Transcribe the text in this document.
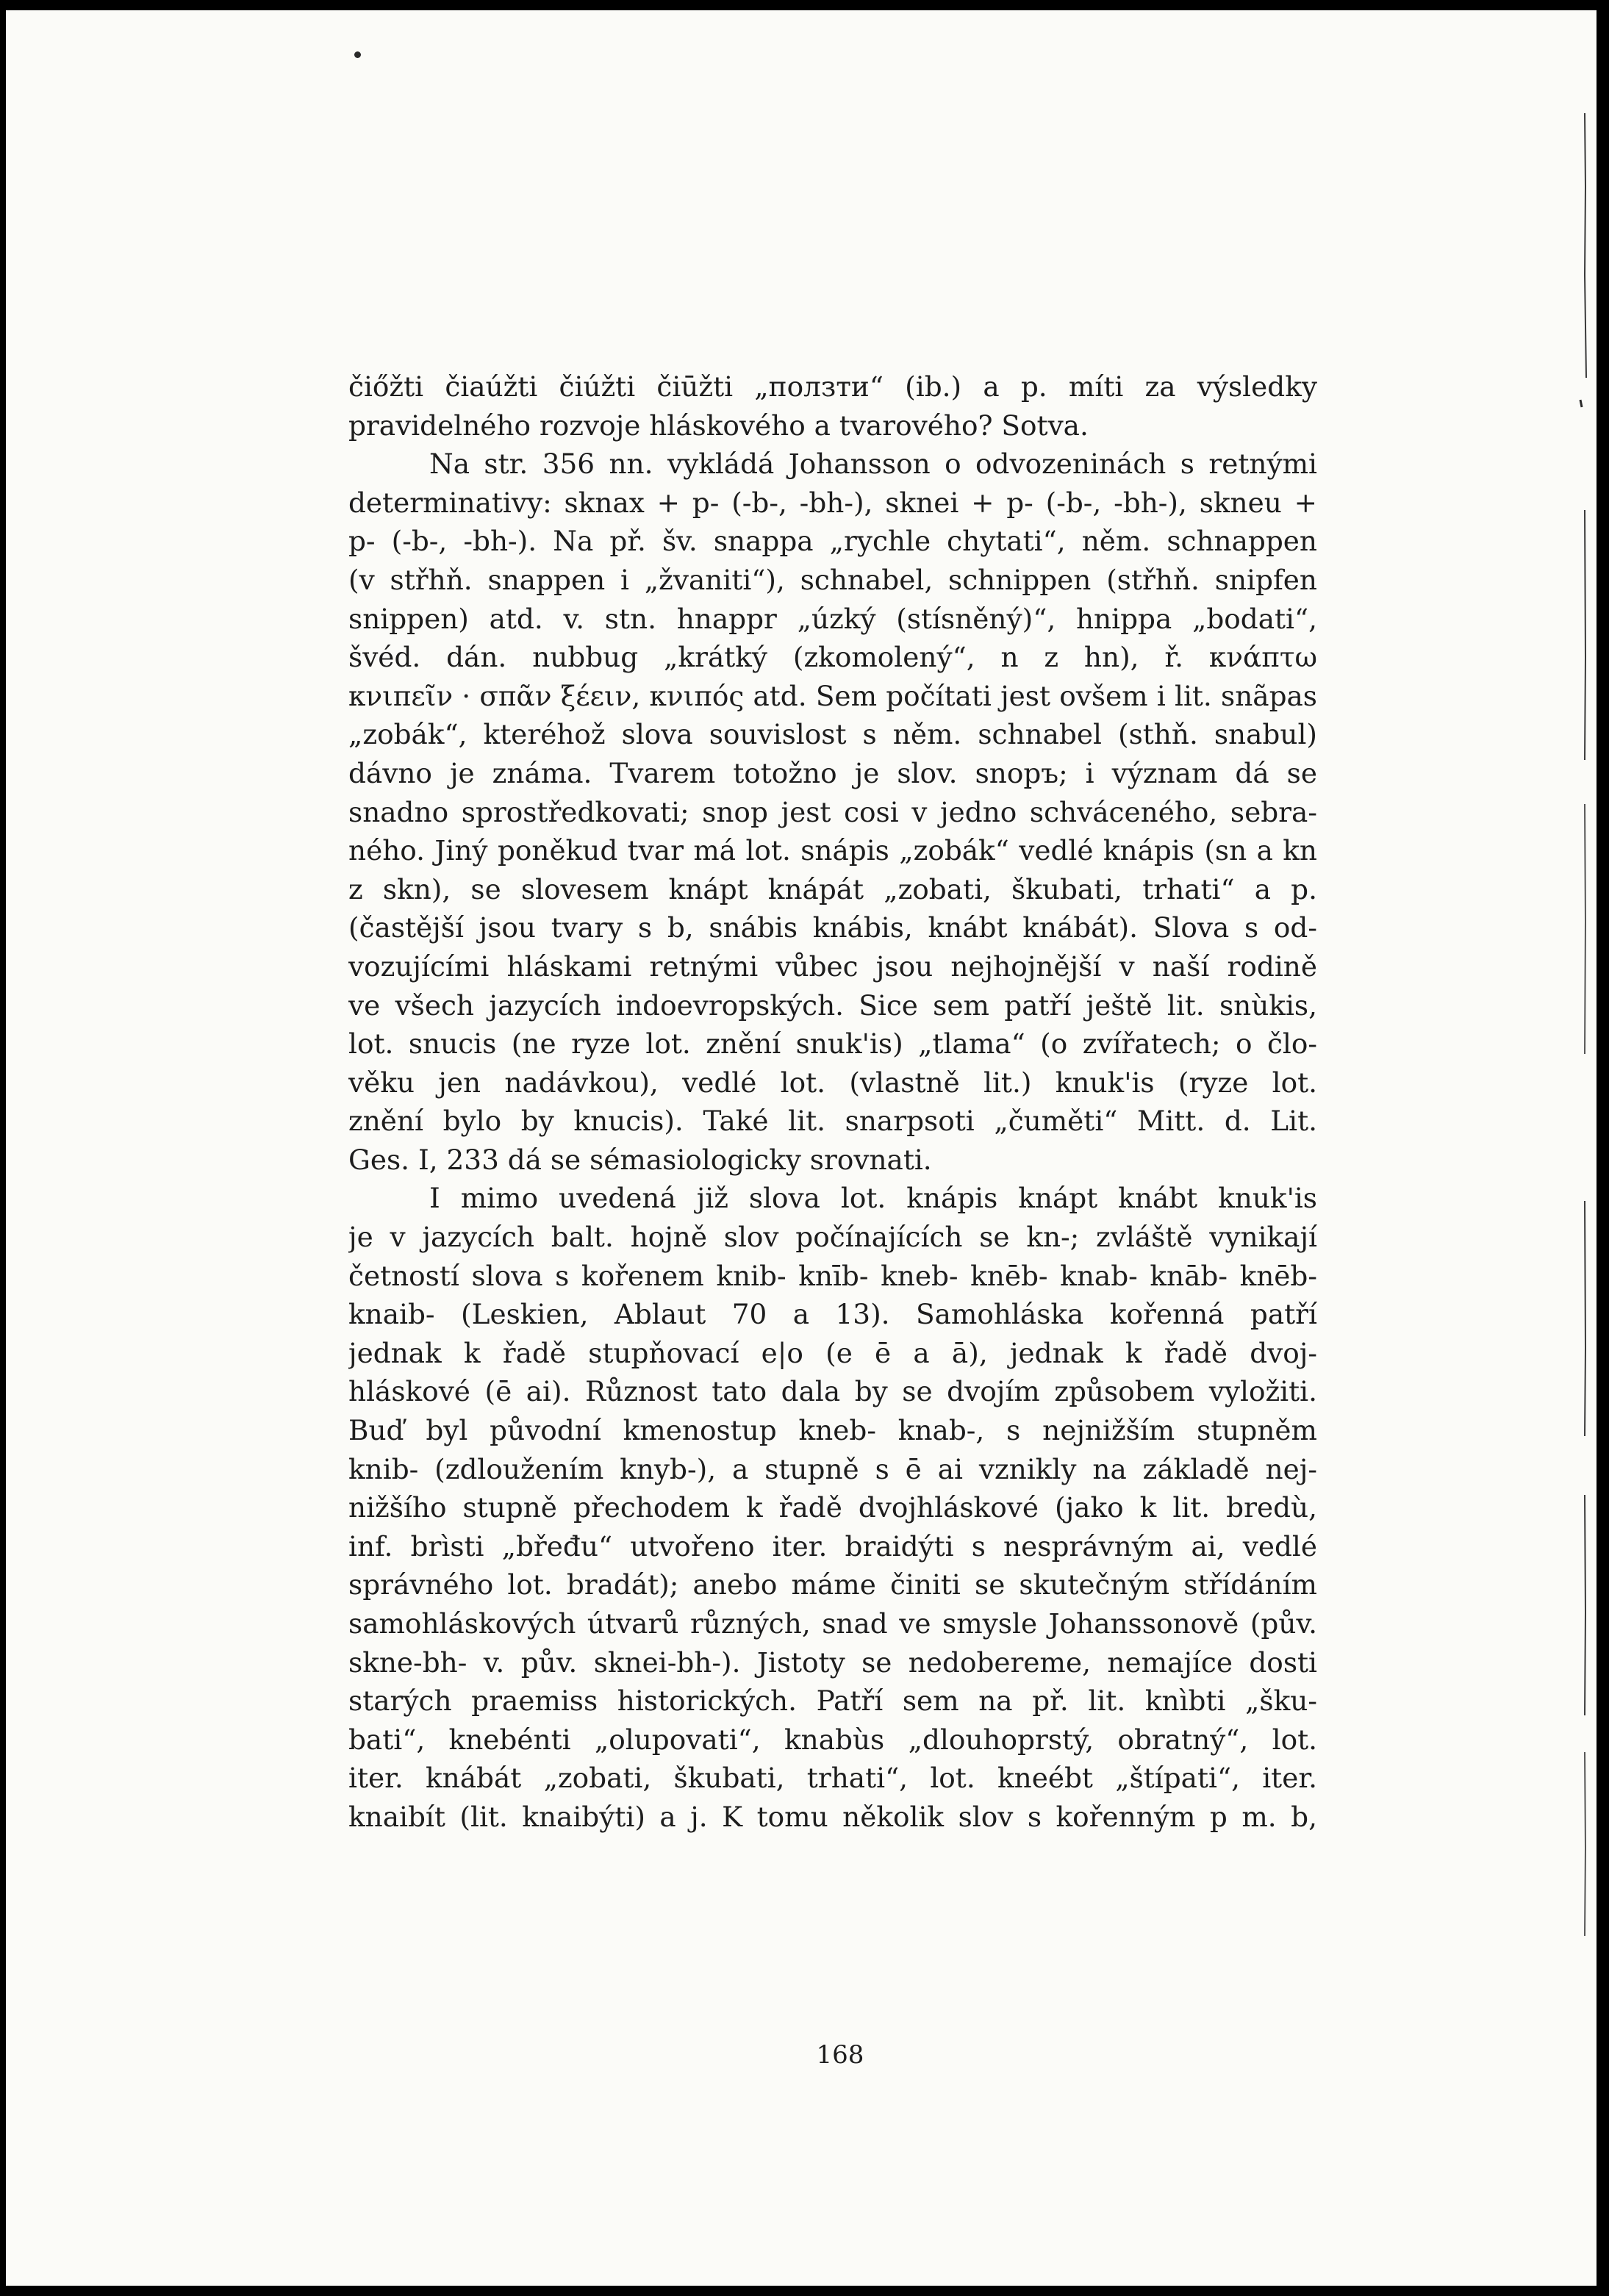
čiőžti čiaúžti čiúžti čiūžti „ползти“ (ib.) a p. míti za výsledky
pravidelného rozvoje hláskového a tvarového? Sotva.
Na str. 356 nn. vykládá Johansson o odvozeninách s retnými
determinativy: sknax + p- (-b-, -bh-), sknei + p- (-b-, -bh-), skneu +
p- (-b-, -bh-). Na př. šv. snappa „rychle chytati“, něm. schnappen
(v střhň. snappen i „žvaniti“), schnabel, schnippen (střhň. snipfen
snippen) atd. v. stn. hnappr „úzký (stísněný)“, hnippa „bodati“,
švéd. dán. nubbug „krátký (zkomolený“, n z hn), ř. κνάπτω
κνιπεῖν · σπᾶν ξέειν, κνιπός atd. Sem počítati jest ovšem i lit. snãpas
„zobák“, kteréhož slova souvislost s něm. schnabel (sthň. snabul)
dávno je známa. Tvarem totožno je slov. snopъ; i význam dá se
snadno sprostředkovati; snop jest cosi v jedno schváceného, sebra-
ného. Jiný poněkud tvar má lot. snápis „zobák“ vedlé knápis (sn a kn
z skn), se slovesem knápt knápát „zobati, škubati, trhati“ a p.
(častější jsou tvary s b, snábis knábis, knábt knábát). Slova s od-
vozujícími hláskami retnými vůbec jsou nejhojnější v naší rodině
ve všech jazycích indoevropských. Sice sem patří ještě lit. snùkis,
lot. snucis (ne ryze lot. znění snuk'is) „tlama“ (o zvířatech; o člo-
věku jen nadávkou), vedlé lot. (vlastně lit.) knuk'is (ryze lot.
znění bylo by knucis). Také lit. snarpsoti „čuměti“ Mitt. d. Lit.
Ges. I, 233 dá se sémasiologicky srovnati.
I mimo uvedená již slova lot. knápis knápt knábt knuk'is
je v jazycích balt. hojně slov počínajících se kn-; zvláště vynikají
četností slova s kořenem knib- knīb- kneb- knēb- knab- knāb- knēb-
knaib- (Leskien, Ablaut 70 a 13). Samohláska kořenná patří
jednak k řadě stupňovací e|o (e ē a ā), jednak k řadě dvoj-
hláskové (ē ai). Různost tato dala by se dvojím způsobem vyložiti.
Buď byl původní kmenostup kneb- knab-, s nejnižším stupněm
knib- (zdloužením knyb-), a stupně s ē ai vznikly na základě nej-
nižšího stupně přechodem k řadě dvojhláskové (jako k lit. bredù,
inf. brìsti „břeđu“ utvořeno iter. braidýti s nesprávným ai, vedlé
správného lot. bradát); anebo máme činiti se skutečným střídáním
samohláskových útvarů různých, snad ve smysle Johanssonově (pův.
skne-bh- v. pův. sknei-bh-). Jistoty se nedoberemе, nemajíce dosti
starých praemiss historických. Patří sem na př. lit. knìbti „šku-
bati“, knebénti „olupovati“, knabùs „dlouhoprstý, obratný“, lot.
iter. knábát „zobati, škubati, trhati“, lot. kneébt „štípati“, iter.
knaibít (lit. knaibýti) a j. K tomu několik slov s kořenným p m. b,
168
